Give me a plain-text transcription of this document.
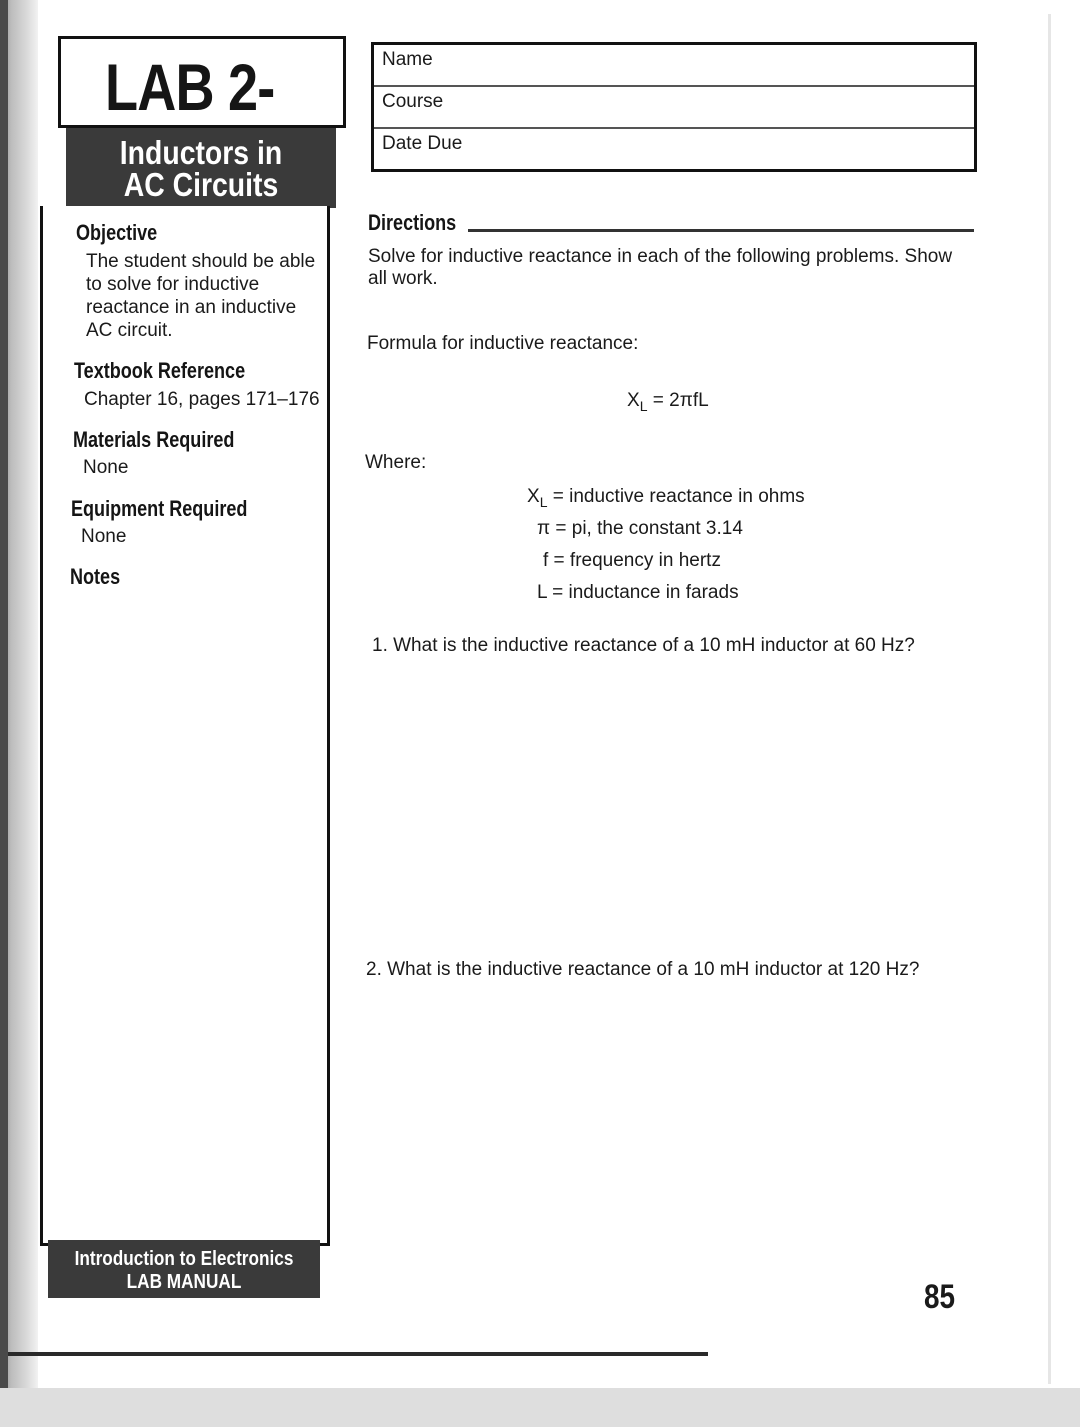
LAB 2-
Inductors in
AC Circuits
Objective
The student should be able to solve for inductive reactance in an inductive AC circuit.
Textbook Reference
Chapter 16, pages 171–176
Materials Required
None
Equipment Required
None
Notes
Introduction to Electronics
LAB MANUAL
Name
Course
Date Due
Directions
Solve for inductive reactance in each of the following problems. Show all work.
Formula for inductive reactance:
$X_L = 2\pi fL$
Where:
$X_L$ = inductive reactance in ohms
π = pi, the constant 3.14
f = frequency in hertz
L = inductance in farads
1. What is the inductive reactance of a 10 mH inductor at 60 Hz?
2. What is the inductive reactance of a 10 mH inductor at 120 Hz?
85
